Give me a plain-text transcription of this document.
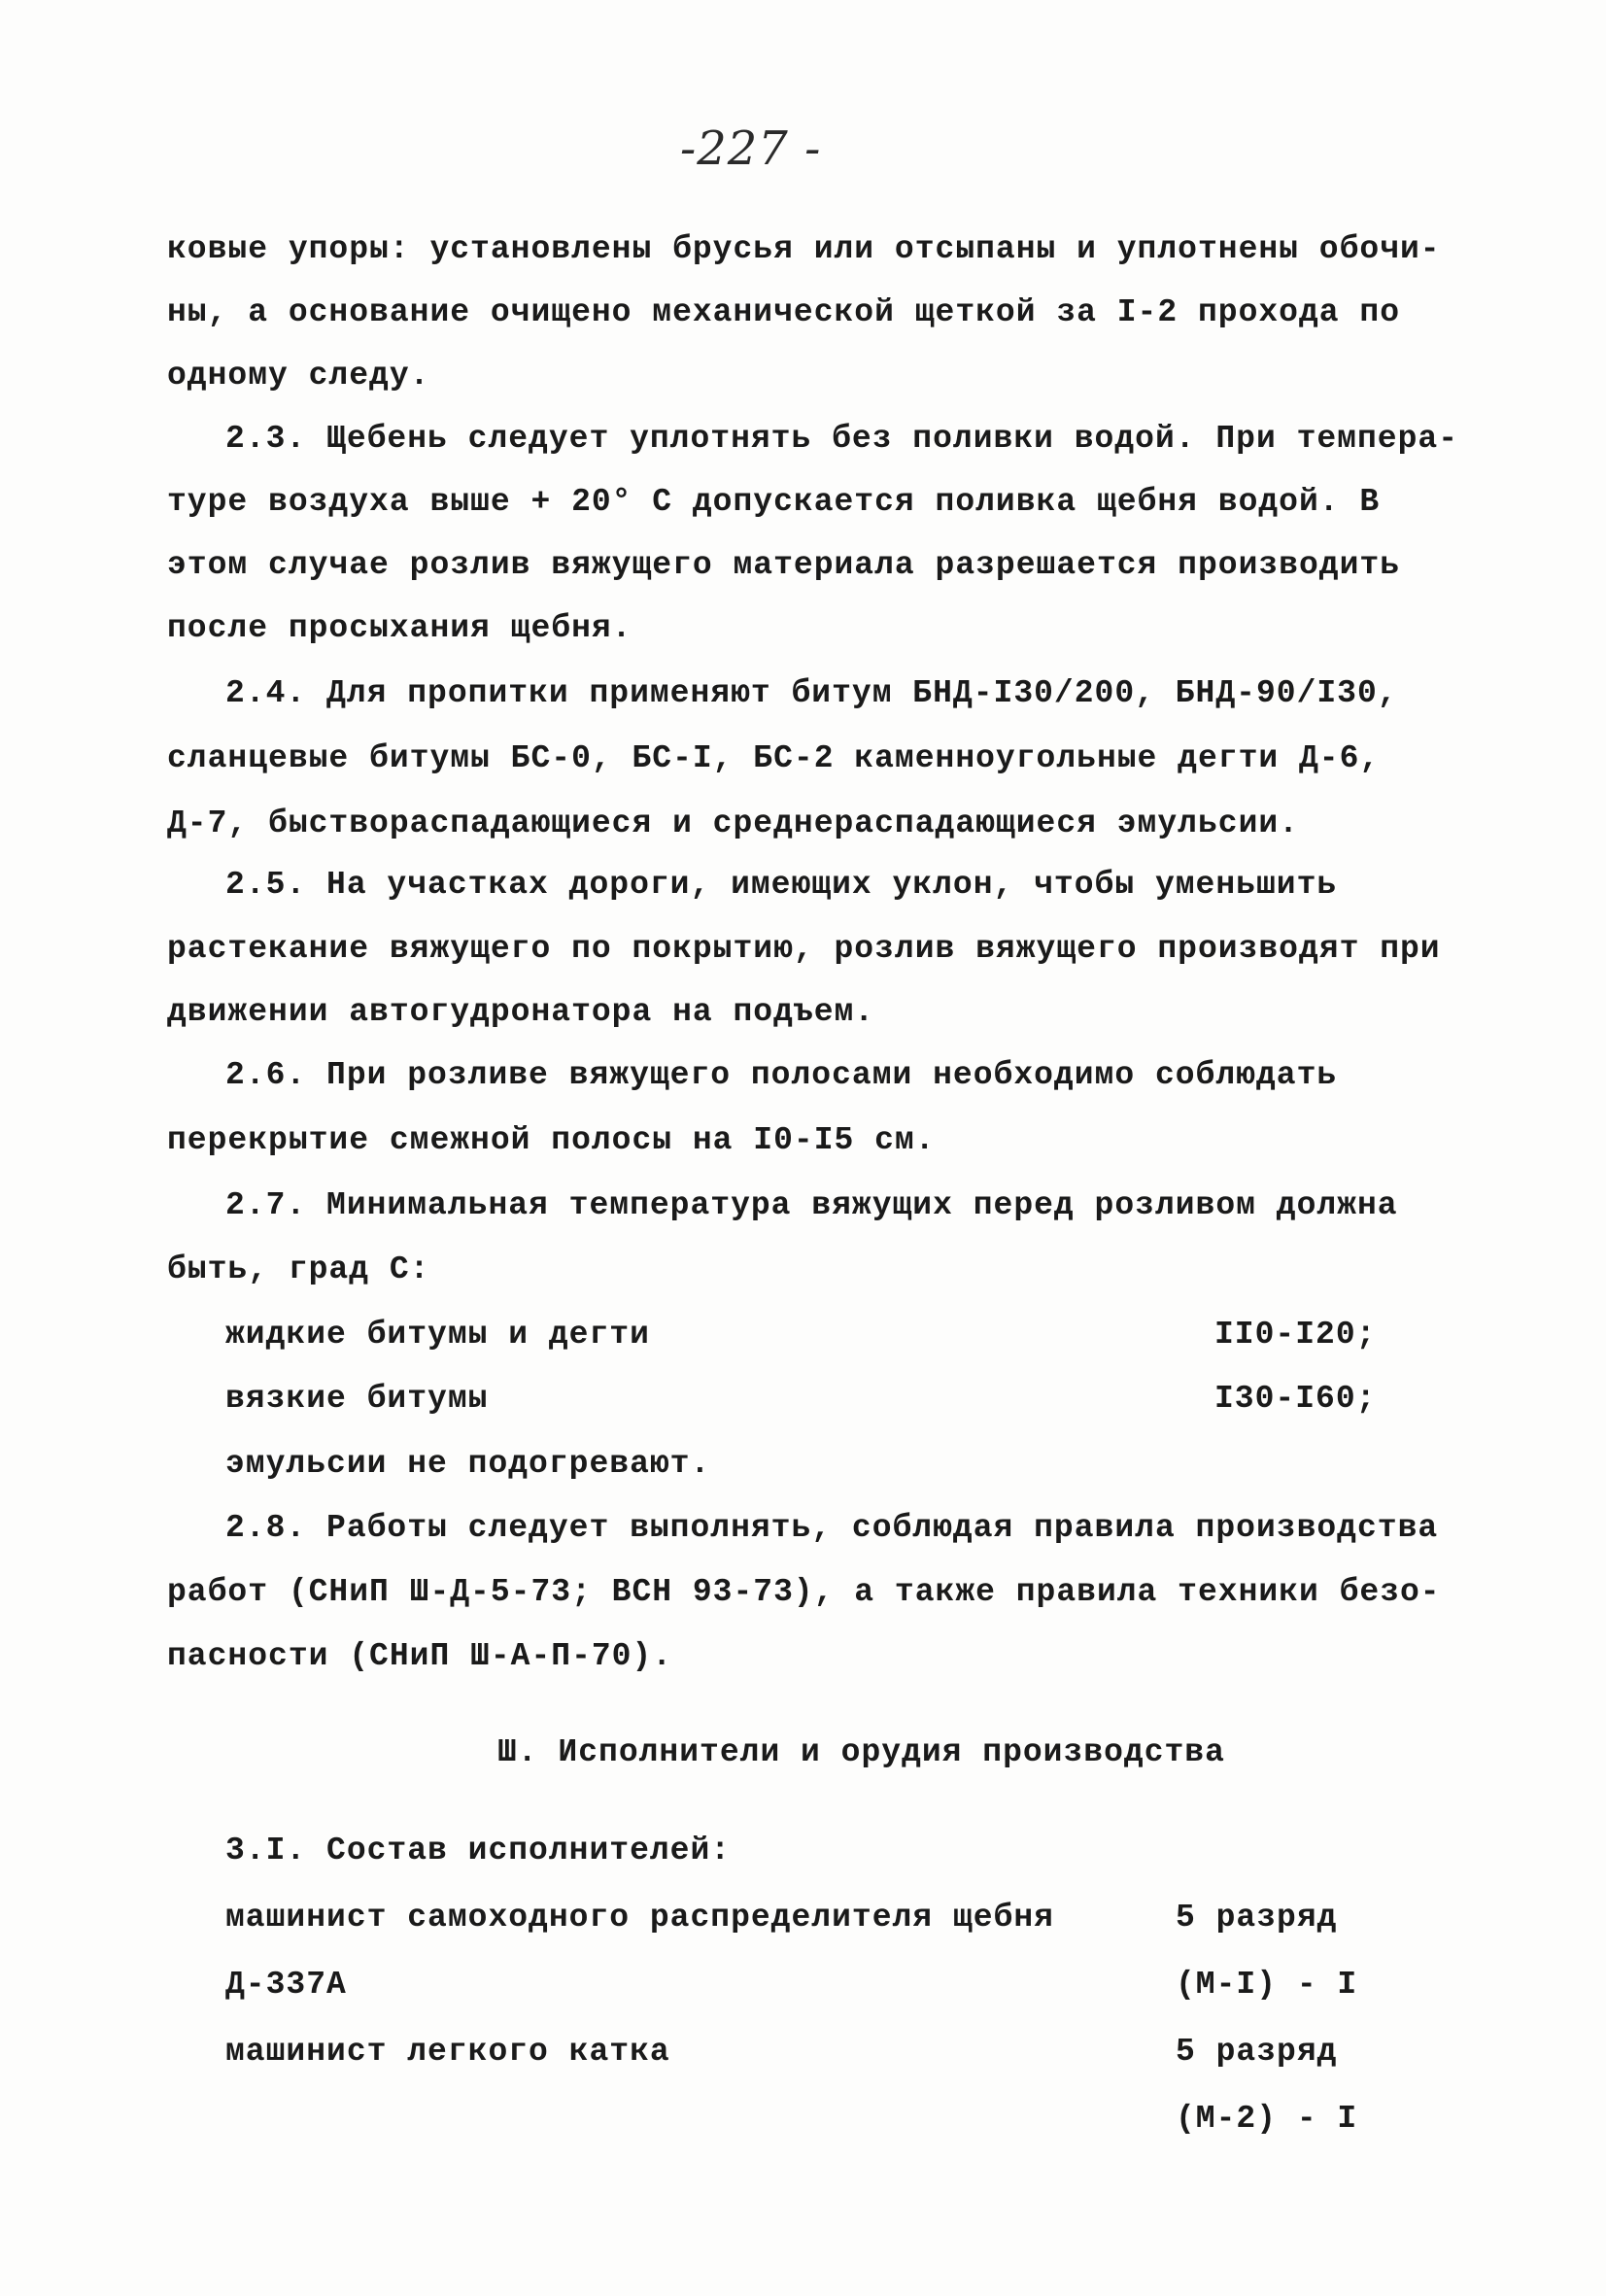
-227 -
ковые упоры: установлены брусья или отсыпаны и уплотнены обочи-
ны, а основание очищено механической щеткой за I-2 прохода по
одному следу.
2.3. Щебень следует уплотнять без поливки водой. При темпера-
туре воздуха выше + 20° С допускается поливка щебня водой. В
этом случае розлив вяжущего материала разрешается производить
после просыхания щебня.
2.4. Для пропитки применяют битум БНД-I30/200, БНД-90/I30,
сланцевые битумы БС-0, БС-I, БС-2 каменноугольные дегти Д-6,
Д-7, быствораспадающиеся и среднераспадающиеся эмульсии.
2.5. На участках дороги, имеющих уклон, чтобы уменьшить
растекание вяжущего по покрытию, розлив вяжущего производят при
движении автогудронатора на подъем.
2.6. При розливе вяжущего полосами необходимо соблюдать
перекрытие смежной полосы на I0-I5 см.
2.7. Минимальная температура вяжущих перед розливом должна
быть, град С:
жидкие битумы и дегти	II0-I20;
вязкие битумы	I30-I60;
эмульсии не подогревают.
2.8. Работы следует выполнять, соблюдая правила производства
работ (СНиП Ш-Д-5-73; ВСН 93-73), а также правила техники безо-
пасности (СНиП Ш-А-П-70).
Ш. Исполнители и орудия производства
3.I. Состав исполнителей:
машинист самоходного распределителя щебня	5 разряд
Д-337А	(М-I) - I
машинист легкого катка	5 разряд
(М-2) - I
